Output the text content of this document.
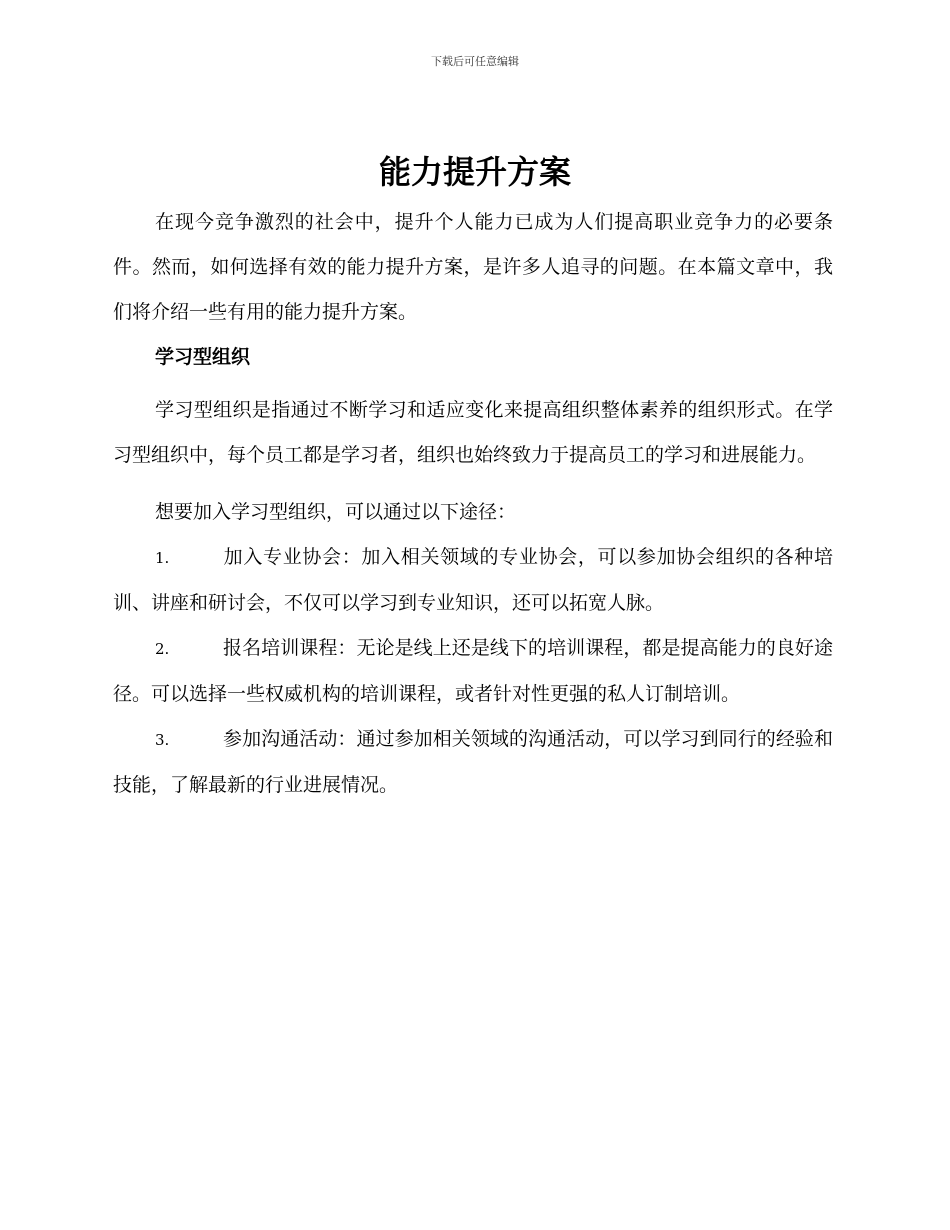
下载后可任意编辑
能力提升方案

在现今竞争激烈的社会中，提升个人能力已成为人们提高职业竞争力的必要条件。然而，如何选择有效的能力提升方案，是许多人追寻的问题。在本篇文章中，我们将介绍一些有用的能力提升方案。

学习型组织

学习型组织是指通过不断学习和适应变化来提高组织整体素养的组织形式。在学习型组织中，每个员工都是学习者，组织也始终致力于提高员工的学习和进展能力。

想要加入学习型组织，可以通过以下途径：

1.	加入专业协会：加入相关领域的专业协会，可以参加协会组织的各种培训、讲座和研讨会，不仅可以学习到专业知识，还可以拓宽人脉。

2.	报名培训课程：无论是线上还是线下的培训课程，都是提高能力的良好途径。可以选择一些权威机构的培训课程，或者针对性更强的私人订制培训。

3.	参加沟通活动：通过参加相关领域的沟通活动，可以学习到同行的经验和技能，了解最新的行业进展情况。
